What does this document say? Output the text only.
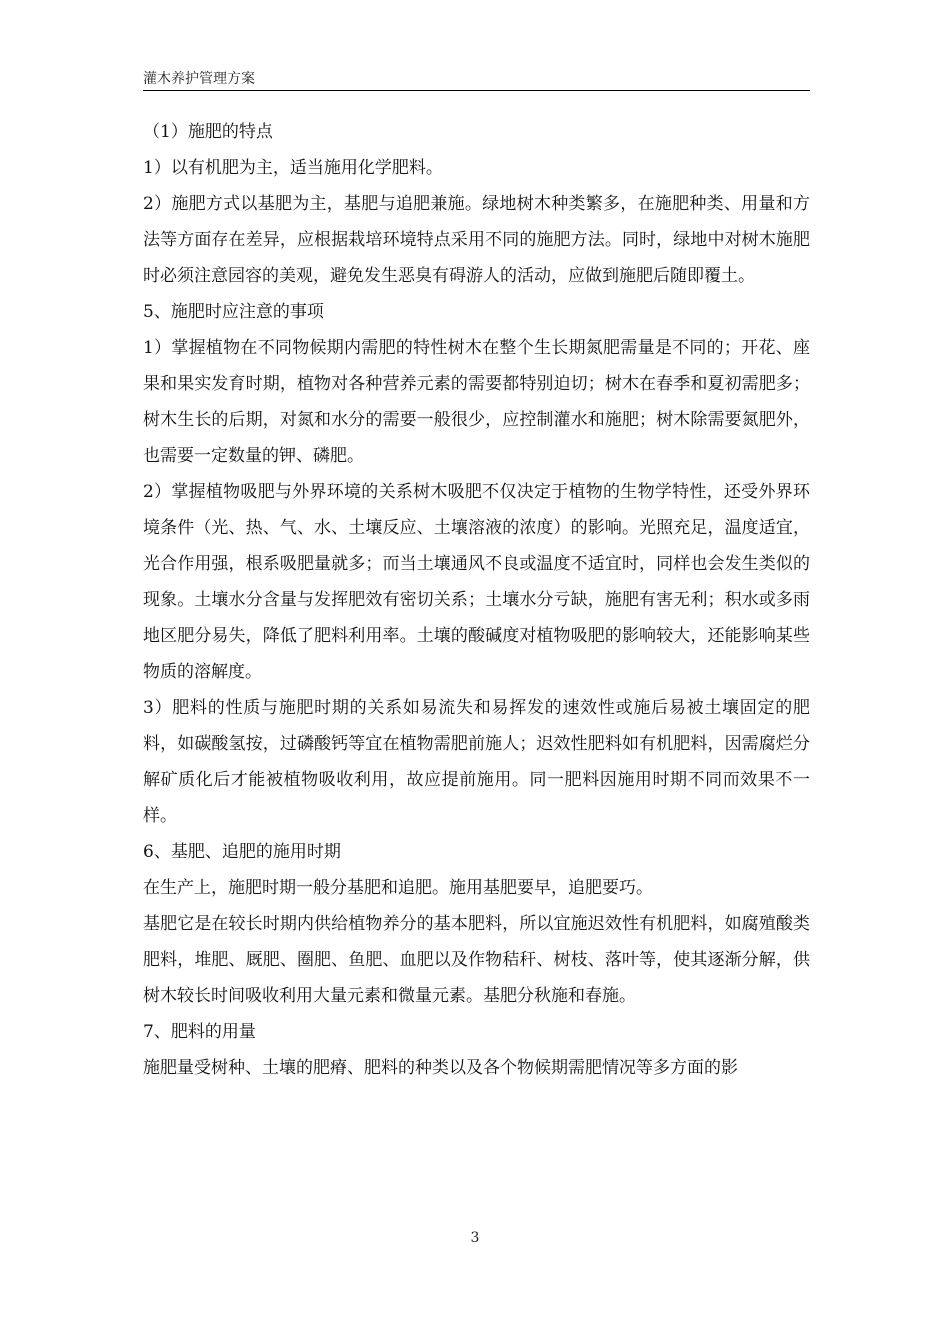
灌木养护管理方案

（1）施肥的特点

1）以有机肥为主，适当施用化学肥料。

2）施肥方式以基肥为主，基肥与追肥兼施。绿地树木种类繁多，在施肥种类、用量和方法等方面存在差异，应根据栽培环境特点采用不同的施肥方法。同时，绿地中对树木施肥时必须注意园容的美观，避免发生恶臭有碍游人的活动，应做到施肥后随即覆土。

5、施肥时应注意的事项

1）掌握植物在不同物候期内需肥的特性树木在整个生长期氮肥需量是不同的；开花、座果和果实发育时期，植物对各种营养元素的需要都特别迫切；树木在春季和夏初需肥多；树木生长的后期，对氮和水分的需要一般很少，应控制灌水和施肥；树木除需要氮肥外，也需要一定数量的钾、磷肥。

2）掌握植物吸肥与外界环境的关系树木吸肥不仅决定于植物的生物学特性，还受外界环境条件（光、热、气、水、土壤反应、土壤溶液的浓度）的影响。光照充足，温度适宜，光合作用强，根系吸肥量就多；而当土壤通风不良或温度不适宜时，同样也会发生类似的现象。土壤水分含量与发挥肥效有密切关系；土壤水分亏缺，施肥有害无利；积水或多雨地区肥分易失，降低了肥料利用率。土壤的酸碱度对植物吸肥的影响较大，还能影响某些物质的溶解度。

3）肥料的性质与施肥时期的关系如易流失和易挥发的速效性或施后易被土壤固定的肥料，如碳酸氢按，过磷酸钙等宜在植物需肥前施人；迟效性肥料如有机肥料，因需腐烂分解矿质化后才能被植物吸收利用，故应提前施用。同一肥料因施用时期不同而效果不一样。

6、基肥、追肥的施用时期

在生产上，施肥时期一般分基肥和追肥。施用基肥要早，追肥要巧。

基肥它是在较长时期内供给植物养分的基本肥料，所以宜施迟效性有机肥料，如腐殖酸类肥料，堆肥、厩肥、圈肥、鱼肥、血肥以及作物秸秆、树枝、落叶等，使其逐渐分解，供树木较长时间吸收利用大量元素和微量元素。基肥分秋施和春施。

7、肥料的用量

施肥量受树种、土壤的肥瘠、肥料的种类以及各个物候期需肥情况等多方面的影

3
